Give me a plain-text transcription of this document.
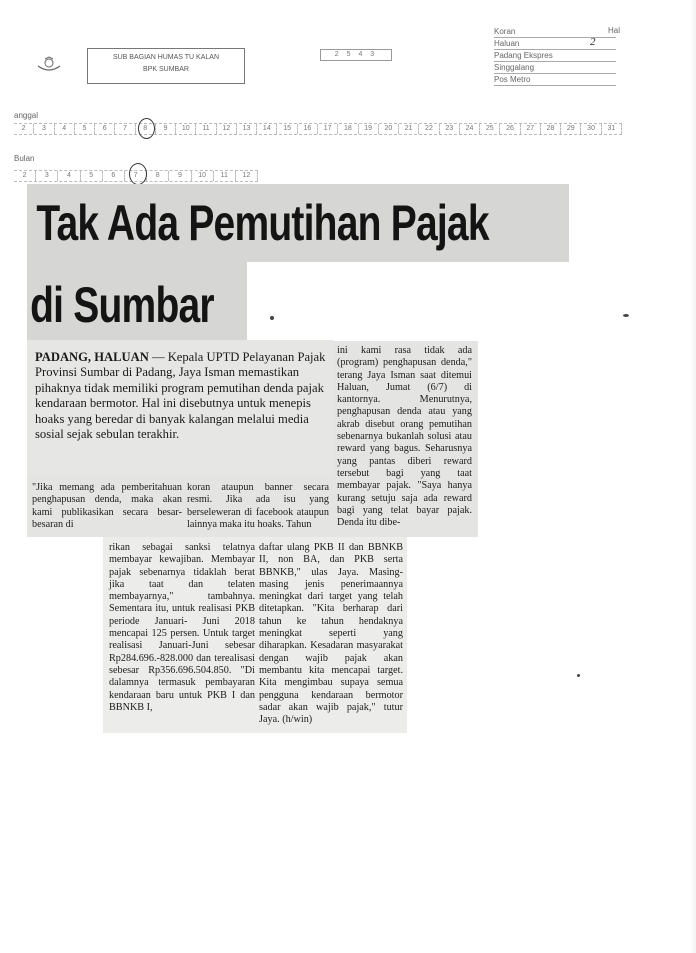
SUB BAGIAN HUMAS TU KALAN
BPK SUMBAR
2 5 4 3
Koran	Hal
Haluan	2
Padang Ekspres
Singgalang
Pos Metro
anggal
2	3	4	5	6	7	8	9	10	11	12	13	14	15	16	17	18	19	20	21	22	23	24	25	26	27	28	29	30	31
Bulan
2	3	4	5	6	7	8	9	10	11	12
Tak Ada Pemutihan Pajak
di Sumbar

PADANG, HALUAN — Kepala UPTD Pelayanan Pajak Provinsi Sumbar di Padang, Jaya Isman memastikan pihaknya tidak memiliki program pemutihan denda pajak kendaraan bermotor. Hal ini disebutnya untuk menepis hoaks yang beredar di banyak kalangan melalui media sosial sejak sebulan terakhir.

ini kami rasa tidak ada (program) penghapusan denda," terang Jaya Isman saat ditemui Haluan, Jumat (6/7) di kantornya. Menurutnya, penghapusan denda atau yang akrab disebut orang pemutihan sebenarnya bukanlah solusi atau reward yang bagus. Seharusnya yang pantas diberi reward tersebut bagi yang taat membayar pajak. "Saya hanya kurang setuju saja ada reward bagi yang telat bayar pajak. Denda itu dibe-
"Jika memang ada pemberitahuan penghapusan denda, maka akan kami publikasikan secara besar-besaran di
koran ataupun banner secara resmi. Jika ada isu yang berseleweran di facebook ataupun lainnya maka itu hoaks. Tahun
rikan sebagai sanksi telatnya membayar kewajiban. Membayar pajak sebenarnya tidaklah berat jika taat dan telaten membayarnya," tambahnya. Sementara itu, untuk realisasi PKB periode Januari- Juni 2018 mencapai 125 persen. Untuk target realisasi Januari-Juni sebesar Rp284.696.-828.000 dan terealisasi sebesar Rp356.696.504.850. "Di dalamnya termasuk pembayaran kendaraan baru untuk PKB I dan BBNKB I,
daftar ulang PKB II dan BBNKB II, non BA, dan PKB serta BBNKB," ulas Jaya. Masing-masing jenis penerimaannya meningkat dari target yang telah ditetapkan. "Kita berharap dari tahun ke tahun hendaknya meningkat seperti yang diharapkan. Kesadaran masyarakat dengan wajib pajak akan membantu kita mencapai target. Kita mengimbau supaya semua pengguna kendaraan bermotor sadar akan wajib pajak," tutur Jaya. (h/win)
